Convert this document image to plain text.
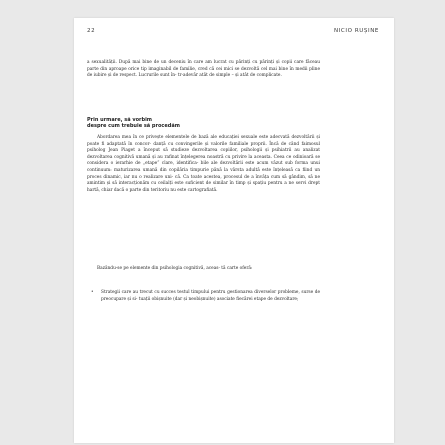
22	NICIO RUȘINE

a sexualității. După mai bine de un deceniu în care am lucrat cu părinți cu părinți și copii care făceau parte din aproape orice tip imaginabil de familie, cred că cei mici se dezvoltă cel mai bine în medii pline de iubire și de respect. Lucrurile sunt în- tr-adevăr atât de simple – și atât de complicate.

Prin urmare, să vorbim
despre cum trebuie să procedăm

Abordarea mea în ce privește elementele de bază ale educației sexuale este adecvată dezvoltării și poate fi adaptată în concor- danță cu convingerile și valorile familiale proprii. Încă de când faimosul psiholog Jean Piaget a început să studieze dezvoltarea copiilor, psihologii și psihiatrii au analizat dezvoltarea cognitivă umană și au rafinat înțelegerea noastră cu privire la aceasta. Ceea ce odinioară se considera o ierarhie de „etape” clare, identifica- bile ale dezvoltării este acum văzut sub forma unui continuum: maturizarea umană din copilăria timpurie până la vârsta adultă este înțeleasă ca fiind un proces dinamic, iar nu o realizare uni- că. Ca toate acestea, procesul de a învăța cum să gândim, să ne amintim și să interacționăm cu ceilalți este suficient de similar în timp și spațiu pentru a ne servi drept hartă, chiar dacă o parte din teritoriu nu este cartografiată.

Bazându-se pe elemente din psihologia cognitivă, aceas- tă carte oferă:

• Strategii care au trecut cu succes testul timpului pentru gestionarea diverselor probleme, surse de preocupare și si- tuații obișnuite (dar și neobișnuite) asociate fiecărei etape de dezvoltare;
